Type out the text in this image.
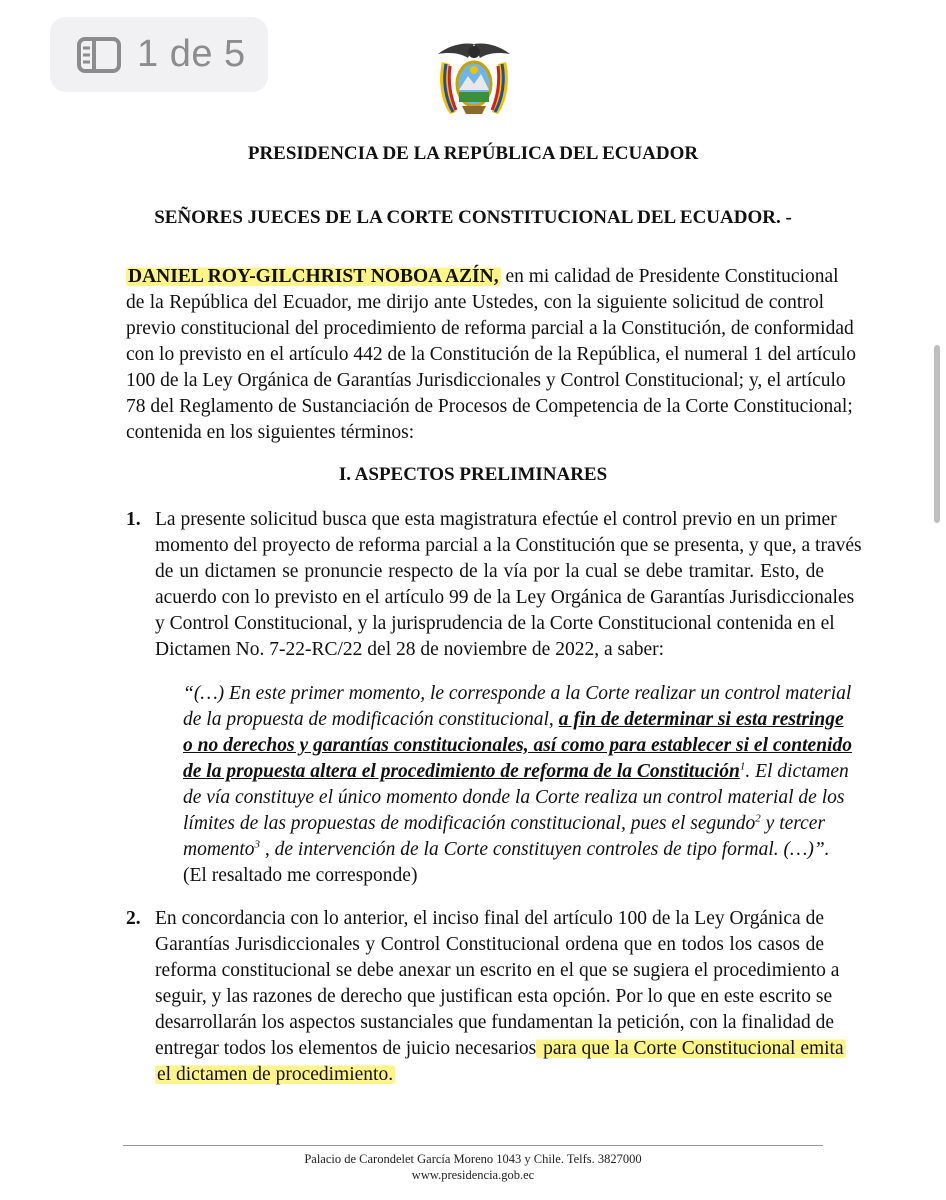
1 de 5
PRESIDENCIA DE LA REPÚBLICA DEL ECUADOR
SEÑORES JUECES DE LA CORTE CONSTITUCIONAL DEL ECUADOR. -
DANIEL ROY-GILCHRIST NOBOA AZÍN, en mi calidad de Presidente Constitucional
de la República del Ecuador, me dirijo ante Ustedes, con la siguiente solicitud de control
previo constitucional del procedimiento de reforma parcial a la Constitución, de conformidad
con lo previsto en el artículo 442 de la Constitución de la República, el numeral 1 del artículo
100 de la Ley Orgánica de Garantías Jurisdiccionales y Control Constitucional; y, el artículo
78 del Reglamento de Sustanciación de Procesos de Competencia de la Corte Constitucional;
contenida en los siguientes términos:
I. ASPECTOS PRELIMINARES
1. La presente solicitud busca que esta magistratura efectúe el control previo en un primer
momento del proyecto de reforma parcial a la Constitución que se presenta, y que, a través
de un dictamen se pronuncie respecto de la vía por la cual se debe tramitar. Esto, de
acuerdo con lo previsto en el artículo 99 de la Ley Orgánica de Garantías Jurisdiccionales
y Control Constitucional, y la jurisprudencia de la Corte Constitucional contenida en el
Dictamen No. 7-22-RC/22 del 28 de noviembre de 2022, a saber:
“(…) En este primer momento, le corresponde a la Corte realizar un control material
de la propuesta de modificación constitucional, a fin de determinar si esta restringe
o no derechos y garantías constitucionales, así como para establecer si el contenido
de la propuesta altera el procedimiento de reforma de la Constitución$^1$. El dictamen
de vía constituye el único momento donde la Corte realiza un control material de los
límites de las propuestas de modificación constitucional, pues el segundo$^2$ y tercer
momento$^3$ , de intervención de la Corte constituyen controles de tipo formal. (…)”.
(El resaltado me corresponde)
2. En concordancia con lo anterior, el inciso final del artículo 100 de la Ley Orgánica de
Garantías Jurisdiccionales y Control Constitucional ordena que en todos los casos de
reforma constitucional se debe anexar un escrito en el que se sugiera el procedimiento a
seguir, y las razones de derecho que justifican esta opción. Por lo que en este escrito se
desarrollarán los aspectos sustanciales que fundamentan la petición, con la finalidad de
entregar todos los elementos de juicio necesarios para que la Corte Constitucional emita
el dictamen de procedimiento.
Palacio de Carondelet García Moreno 1043 y Chile. Telfs. 3827000
www.presidencia.gob.ec
